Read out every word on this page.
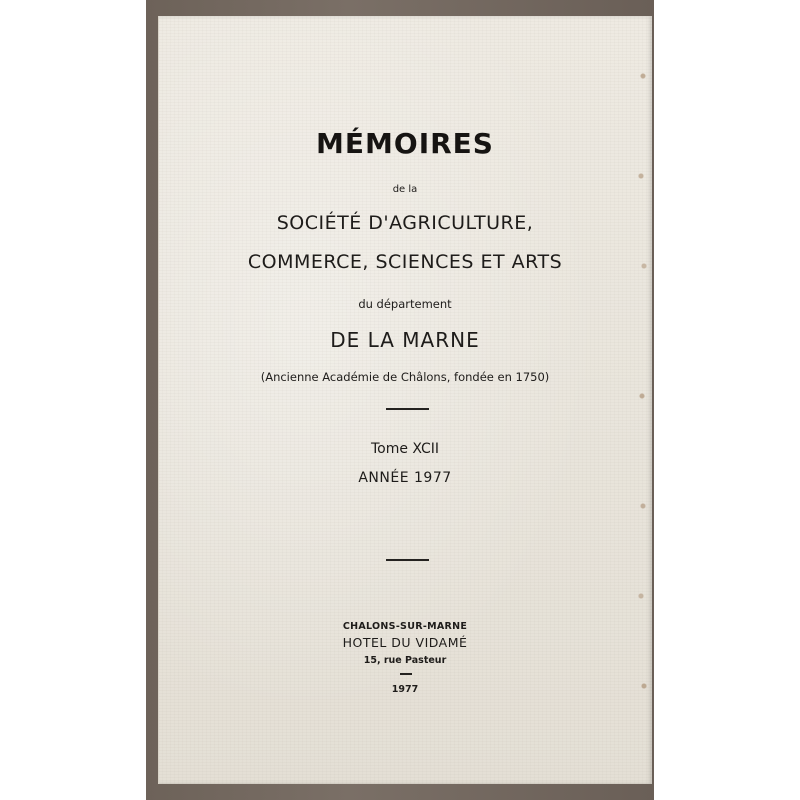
MÉMOIRES
de la
SOCIÉTÉ D'AGRICULTURE,
COMMERCE, SCIENCES ET ARTS
du département
DE LA MARNE
(Ancienne Académie de Châlons, fondée en 1750)
Tome XCII
ANNÉE 1977
CHALONS-SUR-MARNE
HOTEL DU VIDAMÉ
15, rue Pasteur
1977
